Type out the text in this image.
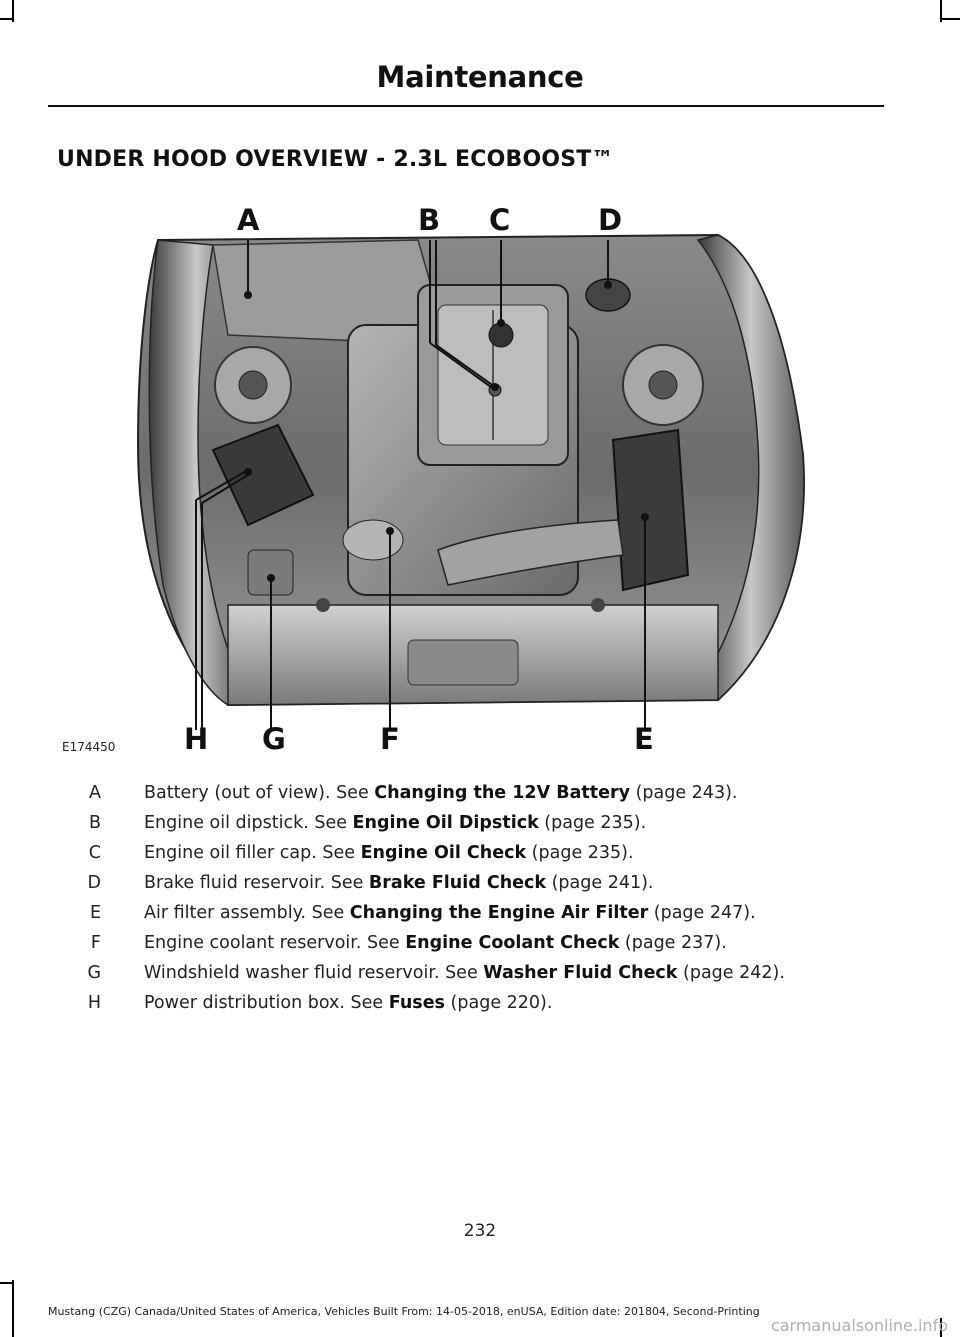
Maintenance
UNDER HOOD OVERVIEW - 2.3L ECOBOOST™
A	B C	D
H G	F	E
E174450
A Battery (out of view). See Changing the 12V Battery (page 243).
B Engine oil dipstick. See Engine Oil Dipstick (page 235).
C Engine oil filler cap. See Engine Oil Check (page 235).
D Brake fluid reservoir. See Brake Fluid Check (page 241).
E Air filter assembly. See Changing the Engine Air Filter (page 247).
F Engine coolant reservoir. See Engine Coolant Check (page 237).
G Windshield washer fluid reservoir. See Washer Fluid Check (page 242).
H Power distribution box. See Fuses (page 220).
232
Mustang (CZG) Canada/United States of America, Vehicles Built From: 14-05-2018, enUSA, Edition date: 201804, Second-Printing
carmanualsonline.info
